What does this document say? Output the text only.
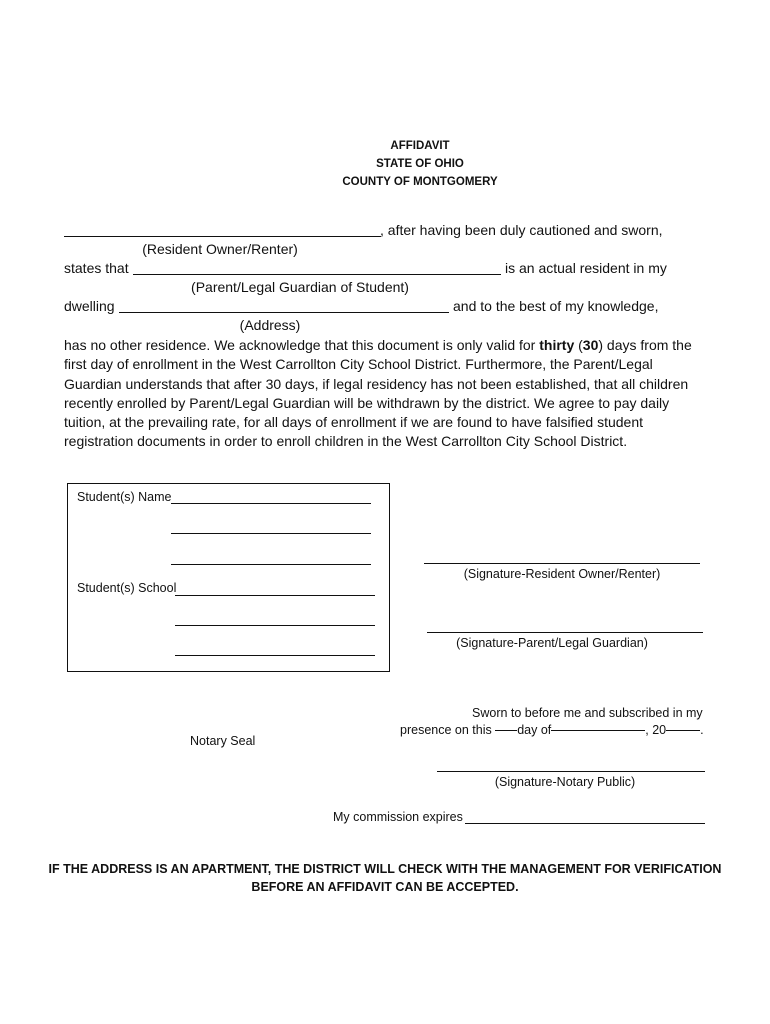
AFFIDAVIT
STATE OF OHIO
COUNTY OF MONTGOMERY
, after having been duly cautioned and sworn,
(Resident Owner/Renter)
states that	is an actual resident in my
(Parent/Legal Guardian of Student)
dwelling	and to the best of my knowledge,
(Address)
has no other residence. We acknowledge that this document is only valid for thirty (30) days from the first day of enrollment in the West Carrollton City School District. Furthermore, the Parent/Legal Guardian understands that after 30 days, if legal residency has not been established, that all children recently enrolled by Parent/Legal Guardian will be withdrawn by the district. We agree to pay daily tuition, at the prevailing rate, for all days of enrollment if we are found to have falsified student registration documents in order to enroll children in the West Carrollton City School District.
Student(s) Name
Student(s) School
(Signature-Resident Owner/Renter)
(Signature-Parent/Legal Guardian)
Sworn to before me and subscribed in my
presence on this day of	, 20	.
Notary Seal
(Signature-Notary Public)
My commission expires
IF THE ADDRESS IS AN APARTMENT, THE DISTRICT WILL CHECK WITH THE MANAGEMENT FOR VERIFICATION
BEFORE AN AFFIDAVIT CAN BE ACCEPTED.
